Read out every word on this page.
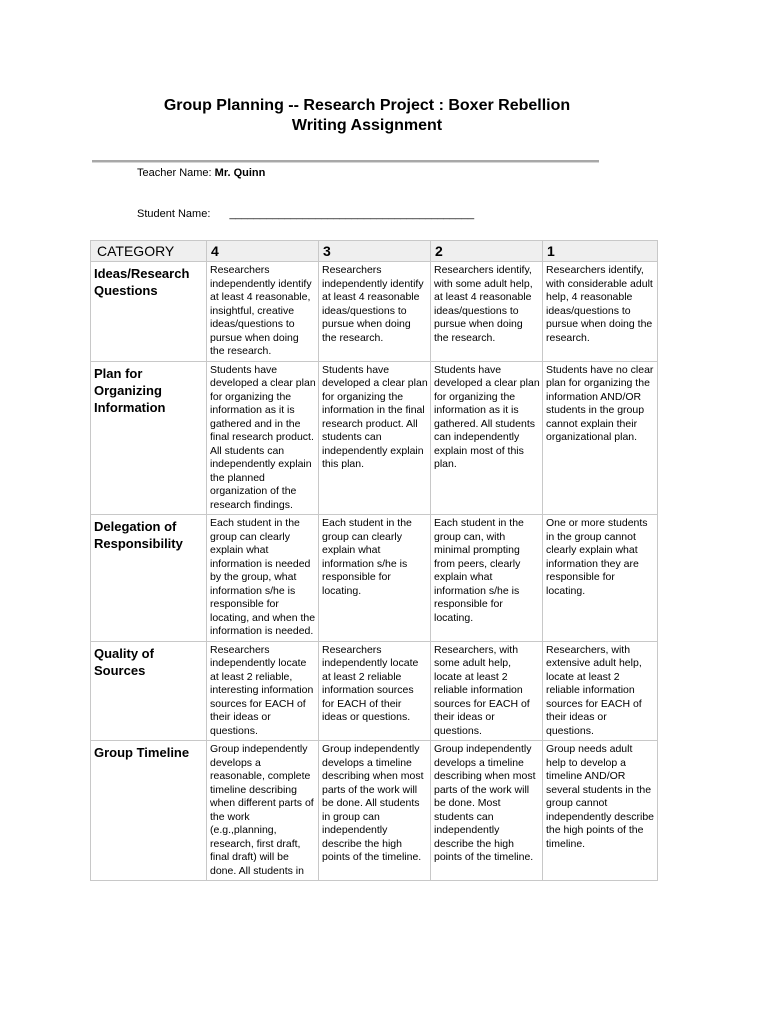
Group Planning -- Research Project : Boxer Rebellion
Writing Assignment
Teacher Name: Mr. Quinn
Student Name: ________________________________________
CATEGORY	4	3	2	1
Ideas/Research Questions	Researchers independently identify at least 4 reasonable, insightful, creative ideas/questions to pursue when doing the research.	Researchers independently identify at least 4 reasonable ideas/questions to pursue when doing the research.	Researchers identify, with some adult help, at least 4 reasonable ideas/questions to pursue when doing the research.	Researchers identify, with considerable adult help, 4 reasonable ideas/questions to pursue when doing the research.
Plan for Organizing Information	Students have developed a clear plan for organizing the information as it is gathered and in the final research product. All students can independently explain the planned organization of the research findings.	Students have developed a clear plan for organizing the information in the final research product. All students can independently explain this plan.	Students have developed a clear plan for organizing the information as it is gathered. All students can independently explain most of this plan.	Students have no clear plan for organizing the information AND/OR students in the group cannot explain their organizational plan.
Delegation of Responsibility	Each student in the group can clearly explain what information is needed by the group, what information s/he is responsible for locating, and when the information is needed.	Each student in the group can clearly explain what information s/he is responsible for locating.	Each student in the group can, with minimal prompting from peers, clearly explain what information s/he is responsible for locating.	One or more students in the group cannot clearly explain what information they are responsible for locating.
Quality of Sources	Researchers independently locate at least 2 reliable, interesting information sources for EACH of their ideas or questions.	Researchers independently locate at least 2 reliable information sources for EACH of their ideas or questions.	Researchers, with some adult help, locate at least 2 reliable information sources for EACH of their ideas or questions.	Researchers, with extensive adult help, locate at least 2 reliable information sources for EACH of their ideas or questions.
Group Timeline	Group independently develops a reasonable, complete timeline describing when different parts of the work (e.g.,planning, research, first draft, final draft) will be done. All students in	Group independently develops a timeline describing when most parts of the work will be done. All students in group can independently describe the high points of the timeline.	Group independently develops a timeline describing when most parts of the work will be done. Most students can independently describe the high points of the timeline.	Group needs adult help to develop a timeline AND/OR several students in the group cannot independently describe the high points of the timeline.
